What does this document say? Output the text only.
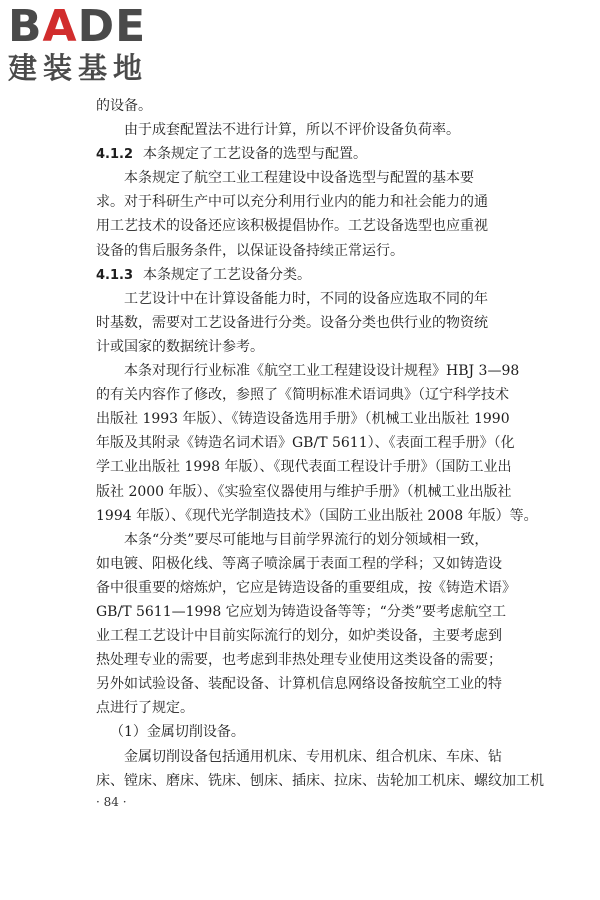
BADE
建装基地
的设备。
由于成套配置法不进行计算，所以不评价设备负荷率。
4.1.2 本条规定了工艺设备的选型与配置。
本条规定了航空工业工程建设中设备选型与配置的基本要
求。对于科研生产中可以充分利用行业内的能力和社会能力的通
用工艺技术的设备还应该积极提倡协作。工艺设备选型也应重视
设备的售后服务条件，以保证设备持续正常运行。
4.1.3 本条规定了工艺设备分类。
工艺设计中在计算设备能力时，不同的设备应选取不同的年
时基数，需要对工艺设备进行分类。设备分类也供行业的物资统
计或国家的数据统计参考。
本条对现行行业标准《航空工业工程建设设计规程》HBJ 3—98
的有关内容作了修改，参照了《简明标准术语词典》（辽宁科学技术
出版社 1993 年版）、《铸造设备选用手册》（机械工业出版社 1990
年版及其附录《铸造名词术语》GB/T 5611）、《表面工程手册》（化
学工业出版社 1998 年版）、《现代表面工程设计手册》（国防工业出
版社 2000 年版）、《实验室仪器使用与维护手册》（机械工业出版社
1994 年版）、《现代光学制造技术》（国防工业出版社 2008 年版）等。
本条“分类”要尽可能地与目前学界流行的划分领域相一致，
如电镀、阳极化线、等离子喷涂属于表面工程的学科；又如铸造设
备中很重要的熔炼炉，它应是铸造设备的重要组成，按《铸造术语》
GB/T 5611—1998 它应划为铸造设备等等；“分类”要考虑航空工
业工程工艺设计中目前实际流行的划分，如炉类设备，主要考虑到
热处理专业的需要，也考虑到非热处理专业使用这类设备的需要；
另外如试验设备、装配设备、计算机信息网络设备按航空工业的特
点进行了规定。
（1）金属切削设备。
金属切削设备包括通用机床、专用机床、组合机床、车床、钻
床、镗床、磨床、铣床、刨床、插床、拉床、齿轮加工机床、螺纹加工机
· 84 ·
